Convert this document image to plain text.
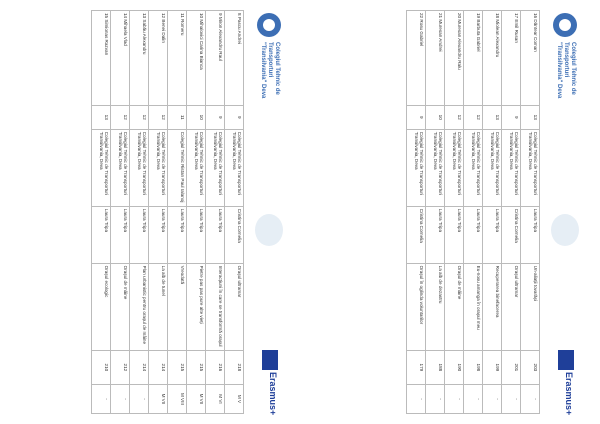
Colegiul Tehnic de Transporturi "Transilvania" Deva
Erasmus+
16 Dăntear Coman	13	Colegiul Tehnic de Transporturi Transilvania, Deva	Laura Tripa	Un-aliații tovarăși	203	-
17 Emil Rusan	9	Colegiul Tehnic de Transporturi Transilvania, Deva	Cristina Cornelia	Orașul ultramar	201	-
18 Miolean Alexandru	13	Colegiul Tehnic de Transporturi Transilvania, Deva	Laura Tripa	Recuperarea binefacerea	199	-
19 Barbuta Gabriel	12	Colegiul Tehnic de Transporturi Transilvania, Deva	Laura Tripa	Eu-nosu amanga în orașul meu	198	-
20 Muresan Alexandru Ralu	12	Colegiul Tehnic de Transporturi Transilvania, Deva	Laura Tripa	Orașul de mâine	190	-
21 Muresan Andrei	10	Colegiul Tehnic de Transporturi Transilvania, Deva	Laura Tripa	La alb de dezastru	188	-
22 Rosu Gabriel	9	Colegiul Tehnic de Transporturi Transilvania, Deva	Cristina Cornelia	Orașul în oglinda voluntarilor	179	-
Colegiul Tehnic de Transporturi "Transilvania" Deva
Erasmus+
8 Pascu Andrei	9	Colegiul Tehnic de Transporturi Transilvania, Deva	Cristina Cornelia	Orașul ultramar	218	M V
9 Miron Alexandru Raul	9	Colegiul Tehnic de Transporturi Transilvania, Deva	Laura Tripa	Interacțiuni în care se transformă orașul	216	M VI
10 Mihalovici Carina Bianca	10	Colegiul Tehnic de Transporturi Transilvania, Deva	Laura Tripa	Pietre pas pas pure alte vieți	215	M VII
11 Romeru	11	Colegiul Tehnic Ristan Paul Ialanoj	Laura Tripa	Vreodată	215	M VIII
12 Benei Dalin	12	Colegiul Tehnic de Transporturi Transilvania, Deva	Laura Tripa	La alb de tunel	214	M VII
13 Sabău Alexandru	12	Colegiul Tehnic de Transporturi Transilvania, Deva	Laura Tripa	Plan urbanistic pentru orașul de mâine	214	-
14 Mihaela Vlad	12	Colegiul Tehnic de Transporturi Transilvania, Deva	Laura Tripa	Orașul de mâine	212	-
15 Simionas Razvan	13	Colegiul Tehnic de Transporturi Transilvania, Deva	Laura Tripa	Orașul ecologic	210	-
